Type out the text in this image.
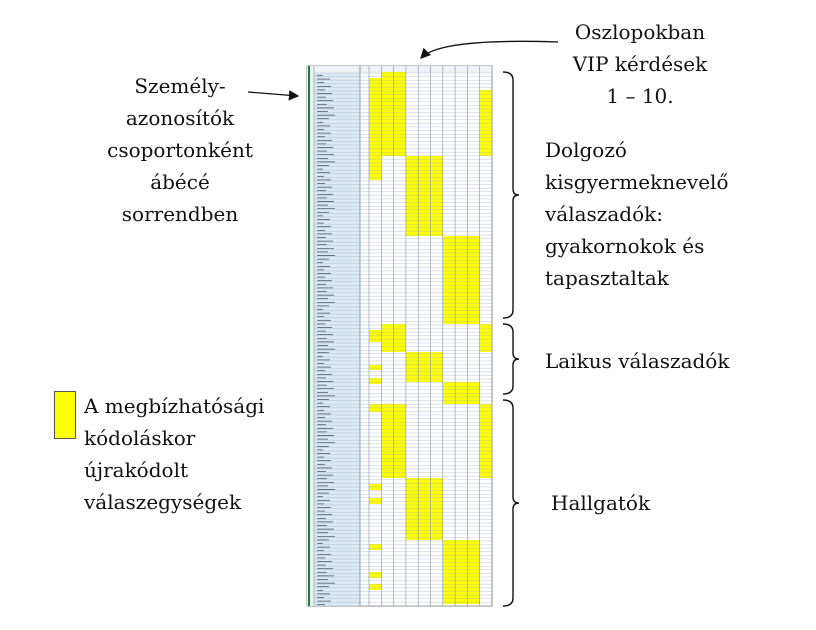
Oszlopokban
VIP kérdések
1 – 10.
Személy-
azonosítók
csoportonként
ábécé
sorrendben
Dolgozó
kisgyermeknevelő
válaszadók:
gyakornokok és
tapasztaltak
Laikus válaszadók
Hallgatók
A megbízhatósági
kódoláskor
újrakódolt
válaszegységek
